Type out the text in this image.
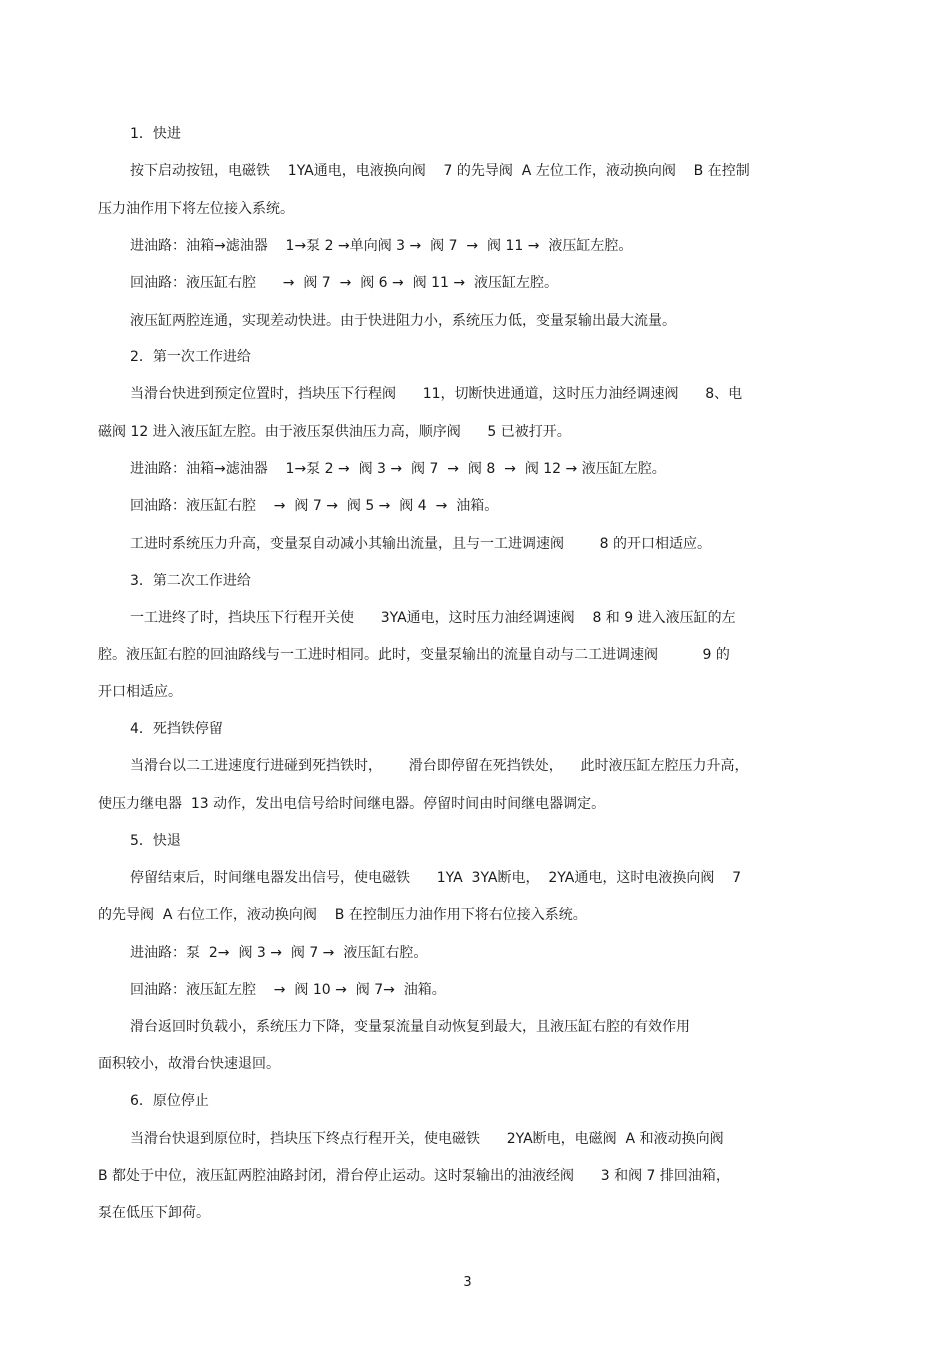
1．快进

按下启动按钮，电磁铁    1YA通电，电液换向阀    7 的先导阀  A 左位工作，液动换向阀    B 在控制

压力油作用下将左位接入系统。

进油路：油箱→滤油器    1→泵 2 →单向阀 3 →  阀 7  →  阀 11 →  液压缸左腔。

回油路：液压缸右腔      →  阀 7  →  阀 6 →  阀 11 →  液压缸左腔。

液压缸两腔连通，实现差动快进。由于快进阻力小，系统压力低，变量泵输出最大流量。

2．第一次工作进给

当滑台快进到预定位置时，挡块压下行程阀      11，切断快进通道，这时压力油经调速阀      8、电

磁阀 12 进入液压缸左腔。由于液压泵供油压力高，顺序阀      5 已被打开。

进油路：油箱→滤油器    1→泵 2 →  阀 3 →  阀 7  →  阀 8  →  阀 12 → 液压缸左腔。

回油路：液压缸右腔    →  阀 7 →  阀 5 →  阀 4  →  油箱。

工进时系统压力升高，变量泵自动减小其输出流量，且与一工进调速阀        8 的开口相适应。

3．第二次工作进给

一工进终了时，挡块压下行程开关使      3YA通电，这时压力油经调速阀    8 和 9 进入液压缸的左

腔。液压缸右腔的回油路线与一工进时相同。此时，变量泵输出的流量自动与二工进调速阀          9 的

开口相适应。

4．死挡铁停留

当滑台以二工进速度行进碰到死挡铁时，      滑台即停留在死挡铁处，    此时液压缸左腔压力升高，

使压力继电器  13 动作，发出电信号给时间继电器。停留时间由时间继电器调定。

5．快退

停留结束后，时间继电器发出信号，使电磁铁      1YA  3YA断电，  2YA通电，这时电液换向阀    7

的先导阀  A 右位工作，液动换向阀    B 在控制压力油作用下将右位接入系统。

进油路：泵  2→  阀 3 →  阀 7 →  液压缸右腔。

回油路：液压缸左腔    →  阀 10 →  阀 7→  油箱。

滑台返回时负载小，系统压力下降，变量泵流量自动恢复到最大，且液压缸右腔的有效作用

面积较小，故滑台快速退回。

6．原位停止

当滑台快退到原位时，挡块压下终点行程开关，使电磁铁      2YA断电，电磁阀  A 和液动换向阀

B 都处于中位，液压缸两腔油路封闭，滑台停止运动。这时泵输出的油液经阀      3 和阀 7 排回油箱，

泵在低压下卸荷。

3
